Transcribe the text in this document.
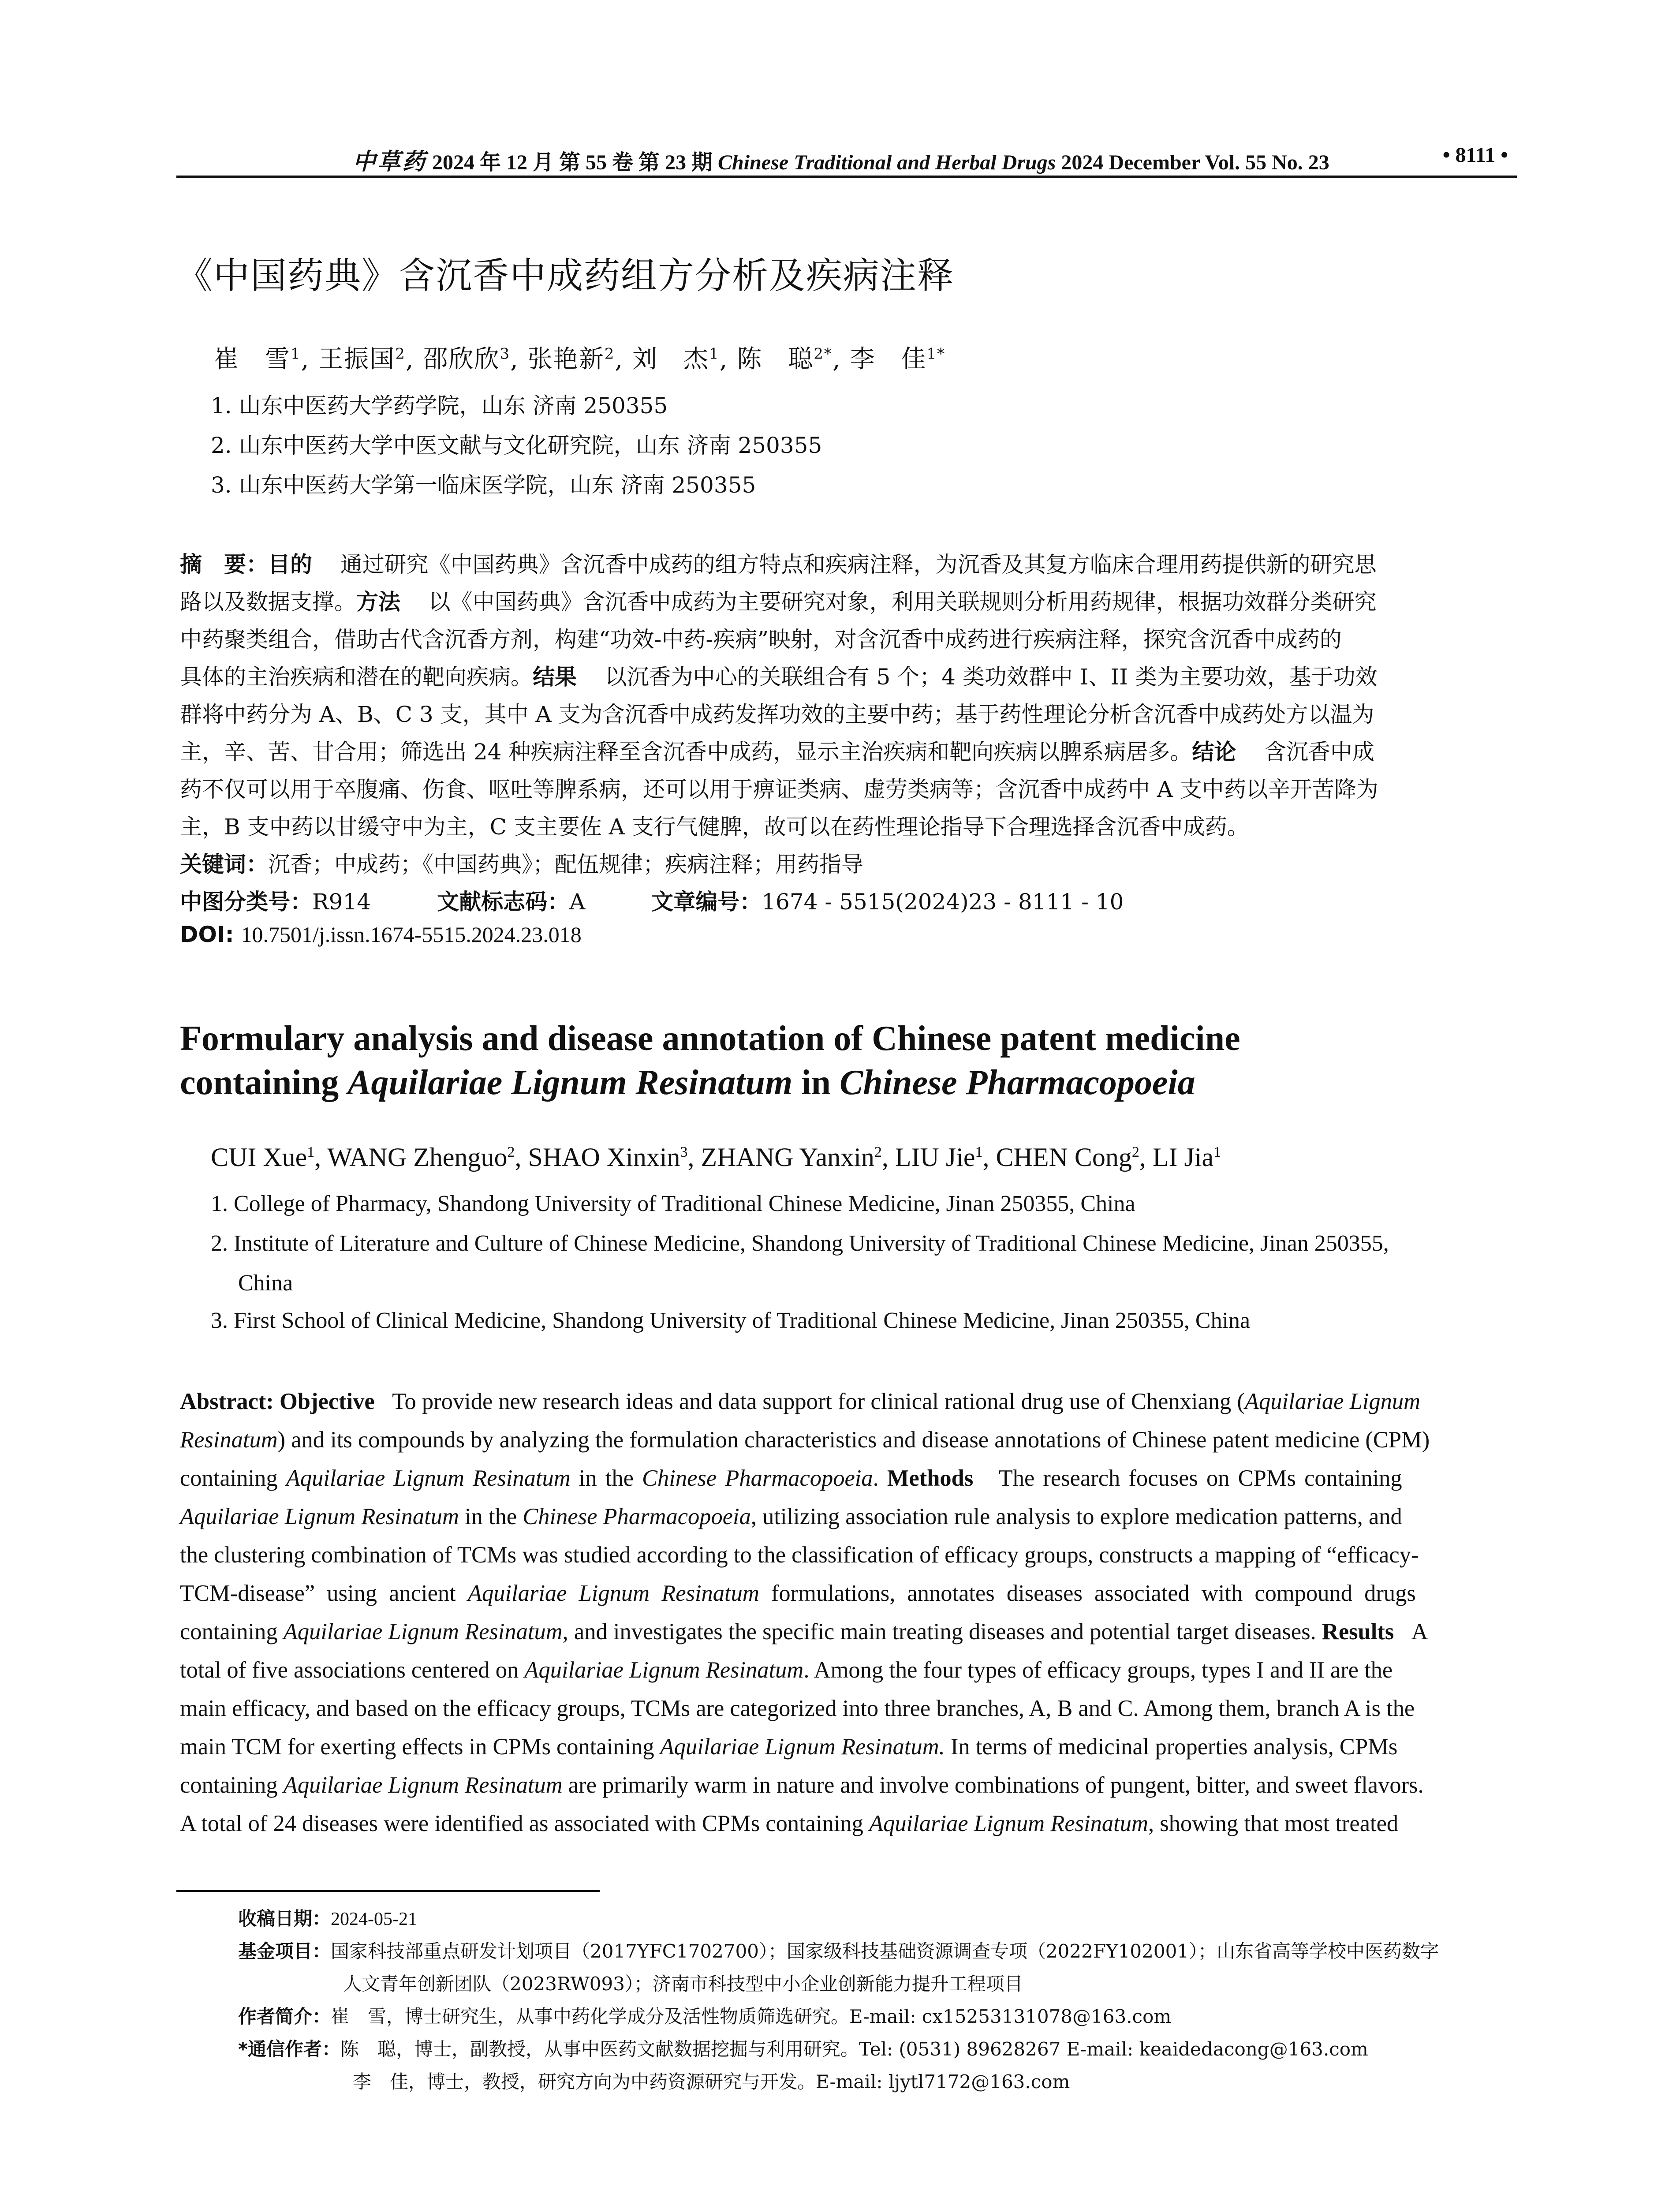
中草药 2024 年 12 月 第 55 卷 第 23 期 Chinese Traditional and Herbal Drugs 2024 December Vol. 55 No. 23	• 8111 •
《中国药典》含沉香中成药组方分析及疾病注释
崔　雪$^1$, 王振国$^2$, 邵欣欣$^3$, 张艳新$^2$, 刘　杰$^1$, 陈　聪$^{2*}$, 李　佳$^{1*}$
1. 山东中医药大学药学院，山东 济南 250355
2. 山东中医药大学中医文献与文化研究院，山东 济南 250355
3. 山东中医药大学第一临床医学院，山东 济南 250355
摘　要：目的 通过研究《中国药典》含沉香中成药的组方特点和疾病注释，为沉香及其复方临床合理用药提供新的研究思
路以及数据支撑。方法 以《中国药典》含沉香中成药为主要研究对象，利用关联规则分析用药规律，根据功效群分类研究
中药聚类组合，借助古代含沉香方剂，构建“功效-中药-疾病”映射，对含沉香中成药进行疾病注释，探究含沉香中成药的
具体的主治疾病和潜在的靶向疾病。结果 以沉香为中心的关联组合有 5 个；4 类功效群中 I、II 类为主要功效，基于功效
群将中药分为 A、B、C 3 支，其中 A 支为含沉香中成药发挥功效的主要中药；基于药性理论分析含沉香中成药处方以温为
主，辛、苦、甘合用；筛选出 24 种疾病注释至含沉香中成药，显示主治疾病和靶向疾病以脾系病居多。结论 含沉香中成
药不仅可以用于卒腹痛、伤食、呕吐等脾系病，还可以用于痹证类病、虚劳类病等；含沉香中成药中 A 支中药以辛开苦降为
主，B 支中药以甘缓守中为主，C 支主要佐 A 支行气健脾，故可以在药性理论指导下合理选择含沉香中成药。
关键词：沉香；中成药；《中国药典》；配伍规律；疾病注释；用药指导
中图分类号：R914	文献标志码：A	文章编号：1674 - 5515(2024)23 - 8111 - 10
DOI: 10.7501/j.issn.1674-5515.2024.23.018
Formulary analysis and disease annotation of Chinese patent medicine
containing Aquilariae Lignum Resinatum in Chinese Pharmacopoeia
CUI Xue$^1$, WANG Zhenguo$^2$, SHAO Xinxin$^3$, ZHANG Yanxin$^2$, LIU Jie$^1$, CHEN Cong$^2$, LI Jia$^1$
1. College of Pharmacy, Shandong University of Traditional Chinese Medicine, Jinan 250355, China
2. Institute of Literature and Culture of Chinese Medicine, Shandong University of Traditional Chinese Medicine, Jinan 250355,
China
3. First School of Clinical Medicine, Shandong University of Traditional Chinese Medicine, Jinan 250355, China
Abstract: Objective To provide new research ideas and data support for clinical rational drug use of Chenxiang (Aquilariae Lignum
Resinatum) and its compounds by analyzing the formulation characteristics and disease annotations of Chinese patent medicine (CPM)
containing Aquilariae Lignum Resinatum in the Chinese Pharmacopoeia. Methods The research focuses on CPMs containing
Aquilariae Lignum Resinatum in the Chinese Pharmacopoeia, utilizing association rule analysis to explore medication patterns, and
the clustering combination of TCMs was studied according to the classification of efficacy groups, constructs a mapping of “efficacy-
TCM-disease” using ancient Aquilariae Lignum Resinatum formulations, annotates diseases associated with compound drugs
containing Aquilariae Lignum Resinatum, and investigates the specific main treating diseases and potential target diseases. Results A
total of five associations centered on Aquilariae Lignum Resinatum. Among the four types of efficacy groups, types I and II are the
main efficacy, and based on the efficacy groups, TCMs are categorized into three branches, A, B and C. Among them, branch A is the
main TCM for exerting effects in CPMs containing Aquilariae Lignum Resinatum. In terms of medicinal properties analysis, CPMs
containing Aquilariae Lignum Resinatum are primarily warm in nature and involve combinations of pungent, bitter, and sweet flavors.
A total of 24 diseases were identified as associated with CPMs containing Aquilariae Lignum Resinatum, showing that most treated
收稿日期：2024-05-21
基金项目：国家科技部重点研发计划项目（2017YFC1702700）；国家级科技基础资源调查专项（2022FY102001）；山东省高等学校中医药数字
人文青年创新团队（2023RW093）；济南市科技型中小企业创新能力提升工程项目
作者简介：崔　雪，博士研究生，从事中药化学成分及活性物质筛选研究。E-mail: cx15253131078@163.com
*通信作者：陈　聪，博士，副教授，从事中医药文献数据挖掘与利用研究。Tel: (0531) 89628267 E-mail: keaidedacong@163.com
李　佳，博士，教授，研究方向为中药资源研究与开发。E-mail: ljytl7172@163.com
